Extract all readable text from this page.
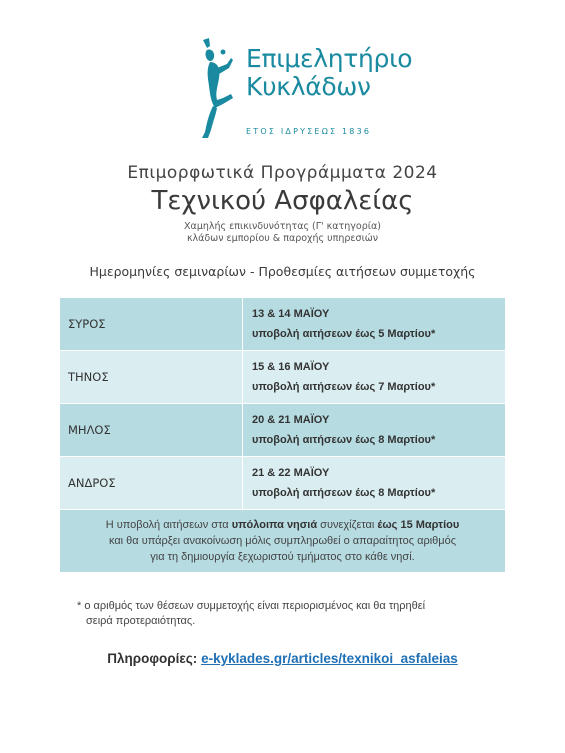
Επιμελητήριο
Κυκλάδων
ΕΤΟΣ ΙΔΡΥΣΕΩΣ 1836
Επιμορφωτικά Προγράμματα 2024
Τεχνικού Ασφαλείας
Χαμηλής επικινδυνότητας (Γ' κατηγορία)
κλάδων εμπορίου & παροχής υπηρεσιών
Ημερομηνίες σεμιναρίων - Προθεσμίες αιτήσεων συμμετοχής
ΣΥΡΟΣ	13 & 14 ΜΑΪΟΥ
υποβολή αιτήσεων έως 5 Μαρτίου*

ΤΗΝΟΣ	15 & 16 ΜΑΪΟΥ
υποβολή αιτήσεων έως 7 Μαρτίου*

ΜΗΛΟΣ	20 & 21 ΜΑΪΟΥ
υποβολή αιτήσεων έως 8 Μαρτίου*

ΑΝΔΡΟΣ	21 & 22 ΜΑΪΟΥ
υποβολή αιτήσεων έως 8 Μαρτίου*

Η υποβολή αιτήσεων στα υπόλοιπα νησιά συνεχίζεται έως 15 Μαρτίου
και θα υπάρξει ανακοίνωση μόλις συμπληρωθεί ο απαραίτητος αριθμός
για τη δημιουργία ξεχωριστού τμήματος στο κάθε νησί.	
* ο αριθμός των θέσεων συμμετοχής είναι περιορισμένος και θα τηρηθεί
σειρά προτεραιότητας.
Πληροφορίες: e-kyklades.gr/articles/texnikoi_asfaleias
